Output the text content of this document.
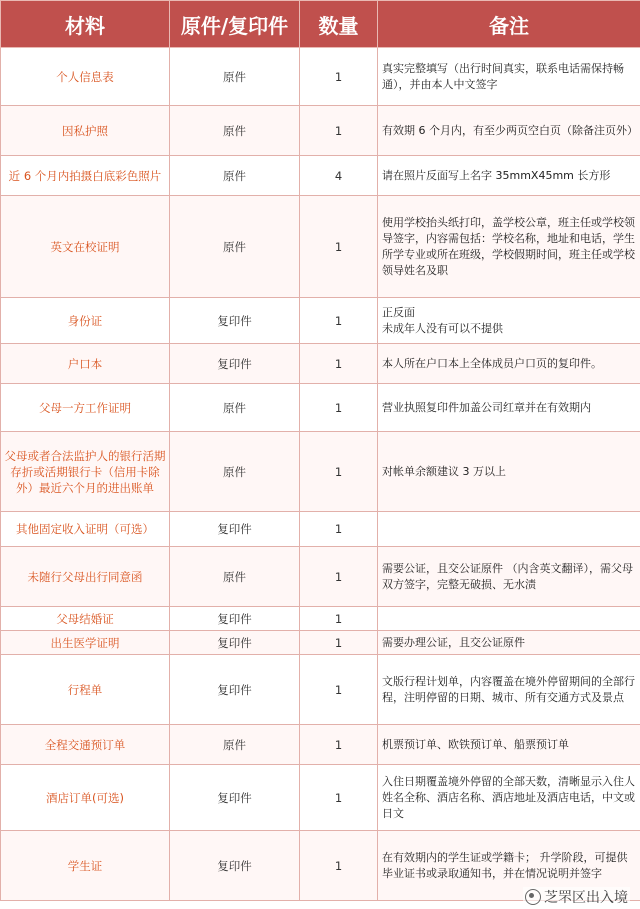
材料	原件/复印件	数量	备注
个人信息表	原件	1	真实完整填写（出行时间真实，联系电话需保持畅通），并由本人中文签字
因私护照	原件	1	有效期 6 个月内，有至少两页空白页（除备注页外）
近 6 个月内拍摄白底彩色照片	原件	4	请在照片反面写上名字 35mmX45mm 长方形
英文在校证明	原件	1	使用学校抬头纸打印，盖学校公章，班主任或学校领导签字，内容需包括：学校名称，地址和电话，学生所学专业或所在班级，学校假期时间，班主任或学校领导姓名及职
身份证	复印件	1	正反面
未成年人没有可以不提供
户口本	复印件	1	本人所在户口本上全体成员户口页的复印件。
父母一方工作证明	原件	1	营业执照复印件加盖公司红章并在有效期内
父母或者合法监护人的银行活期存折或活期银行卡（信用卡除外）最近六个月的进出账单	原件	1	对帐单余额建议 3 万以上
其他固定收入证明（可选）	复印件	1	
未随行父母出行同意函	原件	1	需要公证，且交公证原件 （内含英文翻译），需父母双方签字，完整无破损、无水渍
父母结婚证	复印件	1	
出生医学证明	复印件	1	需要办理公证，且交公证原件
行程单	复印件	1	文版行程计划单，内容覆盖在境外停留期间的全部行程，注明停留的日期、城市、所有交通方式及景点
全程交通预订单	原件	1	机票预订单、欧铁预订单、船票预订单
酒店订单(可选)	复印件	1	入住日期覆盖境外停留的全部天数，清晰显示入住人姓名全称、酒店名称、酒店地址及酒店电话，中文或日文
学生证	复印件	1	在有效期内的学生证或学籍卡； 升学阶段，可提供毕业证书或录取通知书，并在情况说明并签字
芝罘区出入境
